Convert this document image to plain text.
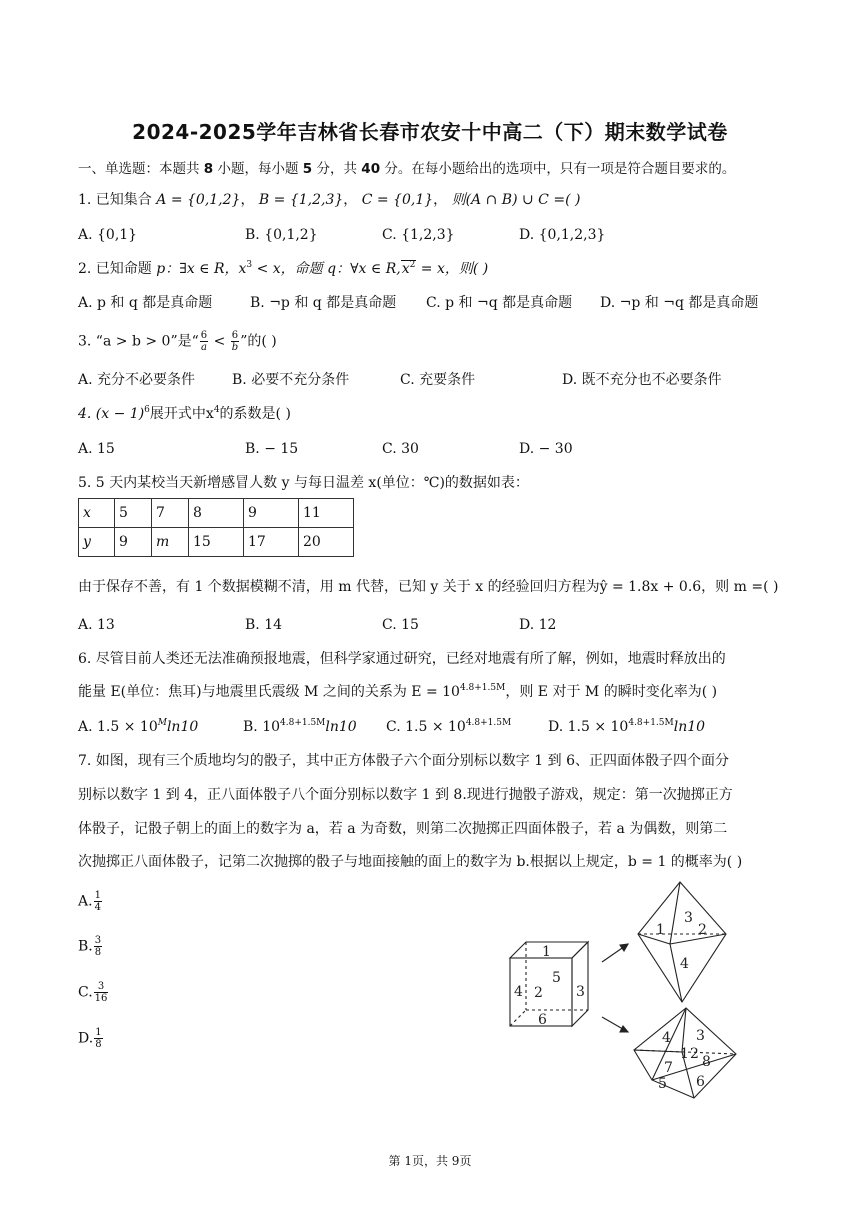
2024-2025学年吉林省长春市农安十中高二（下）期末数学试卷
一、单选题：本题共 8 小题，每小题 5 分，共 40 分。在每小题给出的选项中，只有一项是符合题目要求的。
1. 已知集合 A = {0,1,2}， B = {1,2,3}， C = {0,1}， 则(A ∩ B) ∪ C =( )
A. {0,1}	B. {0,1,2}	C. {1,2,3}	D. {0,1,2,3}
2. 已知命题 p：∃x ∈ R，$x^3 < x$，命题 q：∀x ∈ $R,x^2 = x$，则( )
A. p 和 q 都是真命题	B. ¬p 和 q 都是真命题 C. p 和 ¬q 都是真命题 D. ¬p 和 ¬q 都是真命题
3. “a > b > 0”是“ $\frac{6}{a} < \frac{6}{b}$ ”的( )
A. 充分不必要条件	B. 必要不充分条件	C. 充要条件	D. 既不充分也不必要条件
4. $(x - 1)^6$展开式中$x^4$的系数是( )
A. 15	B. − 15	C. 30	D. − 30
5. 5 天内某校当天新增感冒人数 y 与每日温差 x(单位：℃)的数据如表：
x	5	7	8	9	11
y	9	m	15	17	20
由于保存不善，有 1 个数据模糊不清，用 m 代替，已知 y 关于 x 的经验回归方程为ŷ = 1.8x + 0.6，则 m =( )
A. 13	B. 14	C. 15	D. 12
6. 尽管目前人类还无法准确预报地震，但科学家通过研究，已经对地震有所了解，例如，地震时释放出的
能量 E(单位：焦耳)与地震里氏震级 M 之间的关系为 $E = 10^{4.8+1.5M}$，则 E 对于 M 的瞬时变化率为( )
A. $1.5 \times 10^M\ln 10$	B. $10^{4.8+1.5M}\ln 10$ C. $1.5 \times 10^{4.8+1.5M}$	D. $1.5 \times 10^{4.8+1.5M}\ln 10$
7. 如图，现有三个质地均匀的骰子，其中正方体骰子六个面分别标以数字 1 到 6、正四面体骰子四个面分
别标以数字 1 到 4，正八面体骰子八个面分别标以数字 1 到 8.现进行抛骰子游戏，规定：第一次抛掷正方
体骰子，记骰子朝上的面上的数字为 a，若 a 为奇数，则第二次抛掷正四面体骰子，若 a 为偶数，则第二
次抛掷正八面体骰子，记第二次抛掷的骰子与地面接触的面上的数字为 b.根据以上规定，b = 1 的概率为( )
A. $\frac{1}{4}$
B. $\frac{3}{8}$
C. $\frac{3}{16}$
D. $\frac{1}{8}$
1
2 3
4
5
6
1
3
2
4
4 3
1 2 8
7
5 6
第 1页，共 9页
